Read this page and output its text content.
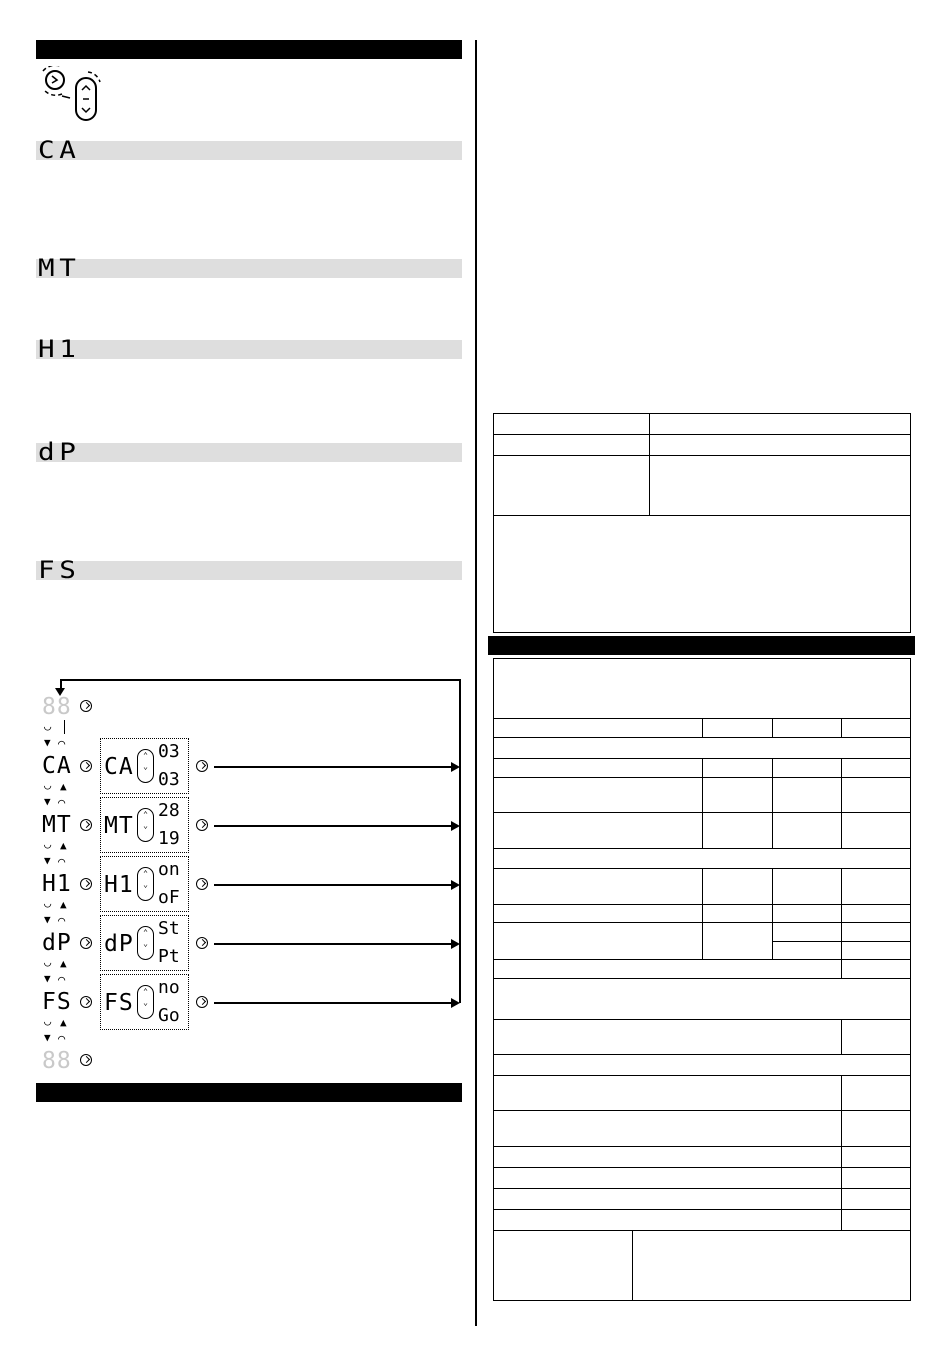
CA
MT
H1
dP
FS
88
◡
▼ ⌒
CA
◡ ▲
CA	⌃
⌄
03
03
▼ ⌒
MT
◡ ▲
MT	⌃
⌄
28
19
▼ ⌒
H1
◡ ▲
H1	⌃
⌄
on
oF
▼ ⌒
dP
◡ ▲
dP	⌃
⌄
St
Pt
▼ ⌒
FS
◡ ▲
FS	⌃
⌄
no
Go
▼ ⌒
88
